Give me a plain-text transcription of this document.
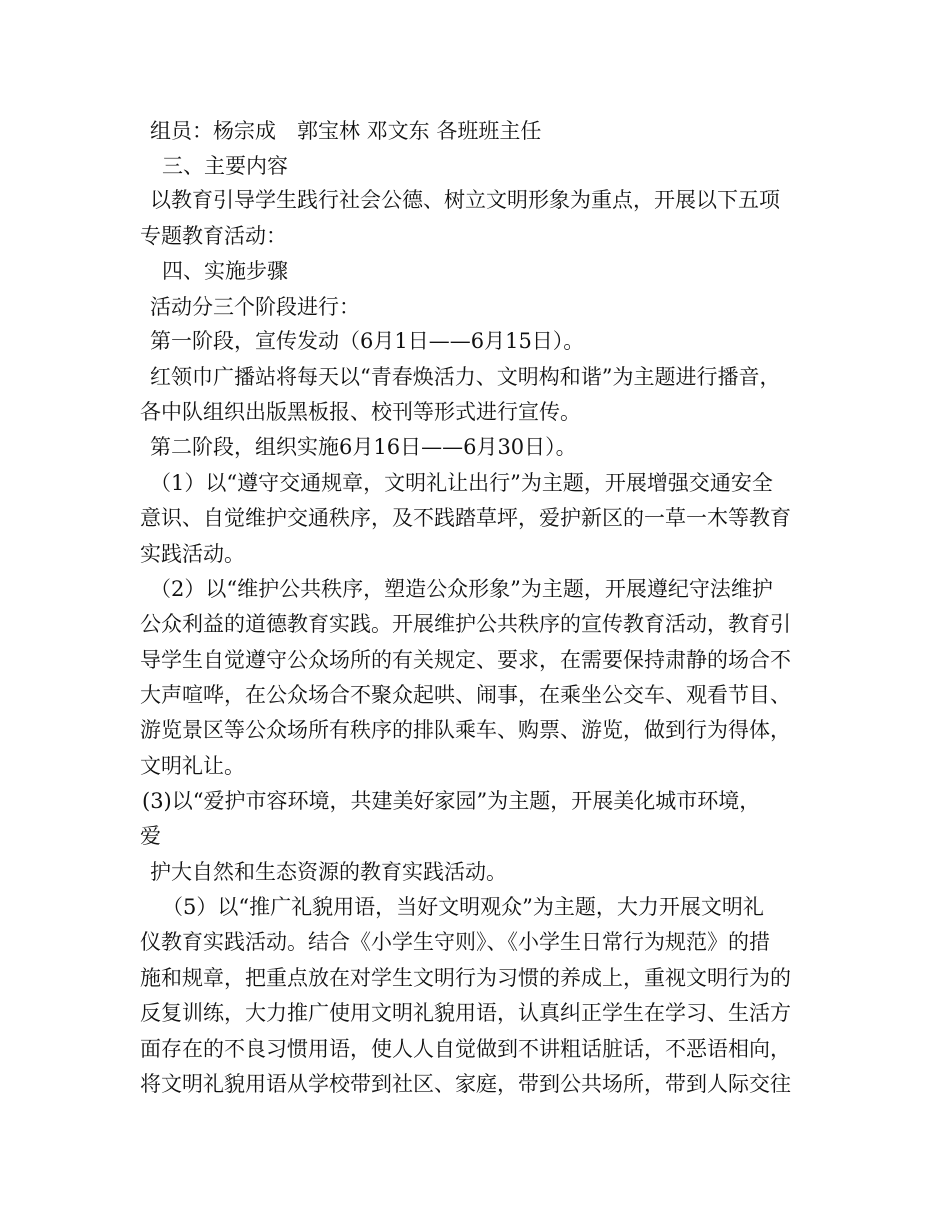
组员：杨宗成　郭宝林 邓文东 各班班主任
三、主要内容
以教育引导学生践行社会公德、树立文明形象为重点，开展以下五项
专题教育活动：
四、实施步骤
活动分三个阶段进行：
第一阶段，宣传发动（6月1日——6月15日）。
红领巾广播站将每天以“青春焕活力、文明构和谐”为主题进行播音，
各中队组织出版黑板报、校刊等形式进行宣传。
第二阶段，组织实施6月16日——6月30日）。
（1）以“遵守交通规章，文明礼让出行”为主题，开展增强交通安全
意识、自觉维护交通秩序，及不践踏草坪，爱护新区的一草一木等教育
实践活动。
（2）以“维护公共秩序，塑造公众形象”为主题，开展遵纪守法维护
公众利益的道德教育实践。开展维护公共秩序的宣传教育活动，教育引
导学生自觉遵守公众场所的有关规定、要求，在需要保持肃静的场合不
大声喧哗，在公众场合不聚众起哄、闹事，在乘坐公交车、观看节目、
游览景区等公众场所有秩序的排队乘车、购票、游览，做到行为得体，
文明礼让。
(3)以“爱护市容环境，共建美好家园”为主题，开展美化城市环境，
爱
护大自然和生态资源的教育实践活动。
（5）以“推广礼貌用语，当好文明观众”为主题，大力开展文明礼
仪教育实践活动。结合《小学生守则》、《小学生日常行为规范》的措
施和规章，把重点放在对学生文明行为习惯的养成上，重视文明行为的
反复训练，大力推广使用文明礼貌用语，认真纠正学生在学习、生活方
面存在的不良习惯用语，使人人自觉做到不讲粗话脏话，不恶语相向，
将文明礼貌用语从学校带到社区、家庭，带到公共场所，带到人际交往
